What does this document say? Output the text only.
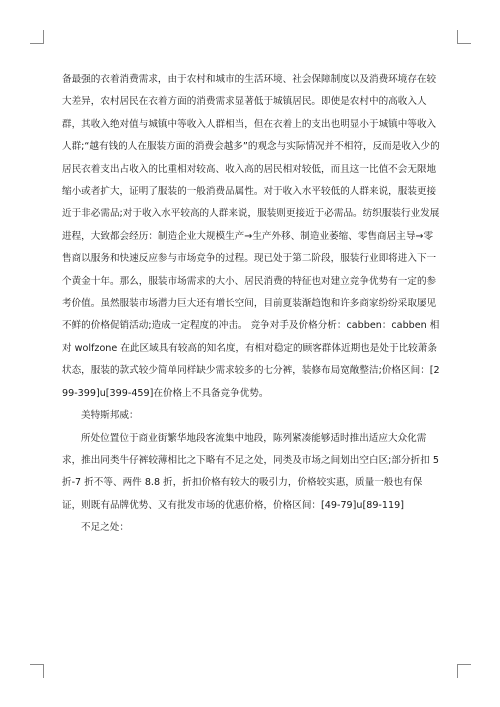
备最强的衣着消费需求，由于农村和城市的生活环境、社会保障制度以及消费环境存在较大差异，农村居民在衣着方面的消费需求显著低于城镇居民。即使是农村中的高收入人群，其收入绝对值与城镇中等收入人群相当，但在衣着上的支出也明显小于城镇中等收入人群;“越有钱的人在服装方面的消费会越多”的观念与实际情况并不相符，反而是收入少的居民衣着支出占收入的比重相对较高、收入高的居民相对较低，而且这一比值不会无限地缩小或者扩大，证明了服装的一般消费品属性。对于收入水平较低的人群来说，服装更接近于非必需品;对于收入水平较高的人群来说，服装则更接近于必需品。纺织服装行业发展进程，大致都会经历：制造企业大规模生产→生产外移、制造业萎缩、零售商居主导→零售商以服务和快速反应参与市场竞争的过程。现已处于第二阶段，服装行业即将进入下一个黄金十年。那么，服装市场需求的大小、居民消费的特征也对建立竞争优势有一定的参考价值。虽然服装市场潜力巨大还有增长空间，目前夏装渐趋饱和许多商家纷纷采取屡见不鲜的价格促销活动;造成一定程度的冲击。 竞争对手及价格分析：cabben：cabben 相对 wolfzone 在此区域具有较高的知名度，有相对稳定的顾客群体近期也是处于比较萧条状态，服装的款式较少简单同样缺少需求较多的七分裤，装修布局宽敞整洁;价格区间：[299-399]u[399-459]在价格上不具备竞争优势。

美特斯邦威：

所处位置位于商业街繁华地段客流集中地段，陈列紧凑能够适时推出适应大众化需求，推出同类牛仔裤较薄相比之下略有不足之处，同类及市场之间划出空白区;部分折扣 5 折-7 折不等、两件 8.8 折，折扣价格有较大的吸引力，价格较实惠，质量一般也有保证，则既有品牌优势、又有批发市场的优惠价格，价格区间：[49-79]u[89-119]

不足之处：
